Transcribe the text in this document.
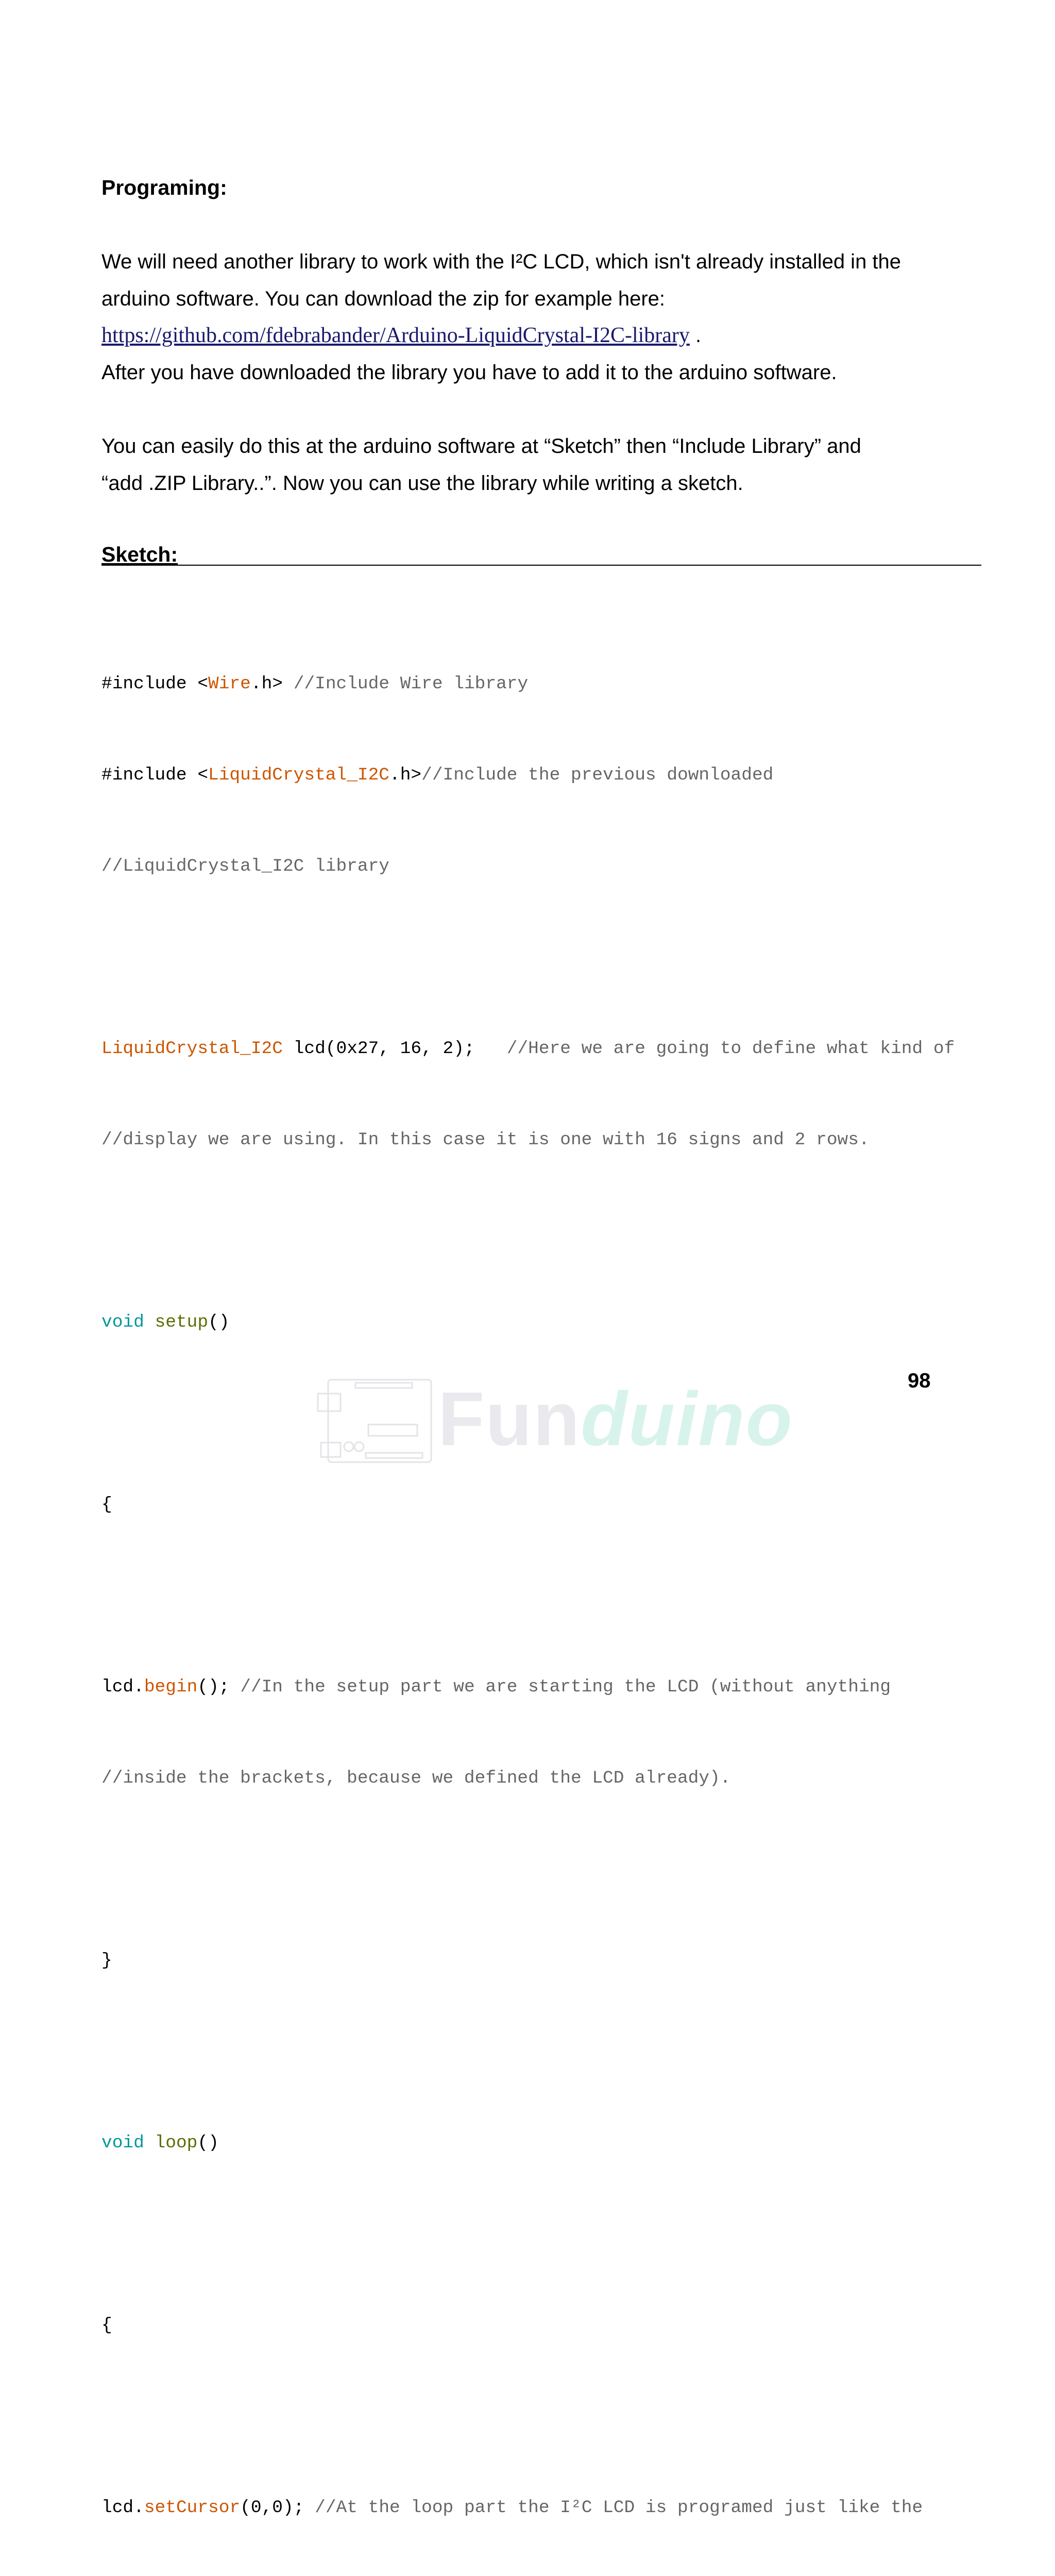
Programing:
We will need another library to work with the I²C LCD, which isn't already installed in the
arduino software. You can download the zip for example here:
https://github.com/fdebrabander/Arduino-LiquidCrystal-I2C-library .
After you have downloaded the library you have to add it to the arduino software.
You can easily do this at the arduino software at “Sketch” then “Include Library” and
“add .ZIP Library..”. Now you can use the library while writing a sketch.
Sketch:

#include <Wire.h> //Include Wire library

#include <LiquidCrystal_I2C.h>//Include the previous downloaded

//LiquidCrystal_I2C library

LiquidCrystal_I2C lcd(0x27, 16, 2);   //Here we are going to define what kind of

//display we are using. In this case it is one with 16 signs and 2 rows.

void setup()

{

lcd.begin(); //In the setup part we are starting the LCD (without anything

//inside the brackets, because we defined the LCD already).

}

void loop()

{

lcd.setCursor(0,0); //At the loop part the I²C LCD is programed just like the

98
Funduino
